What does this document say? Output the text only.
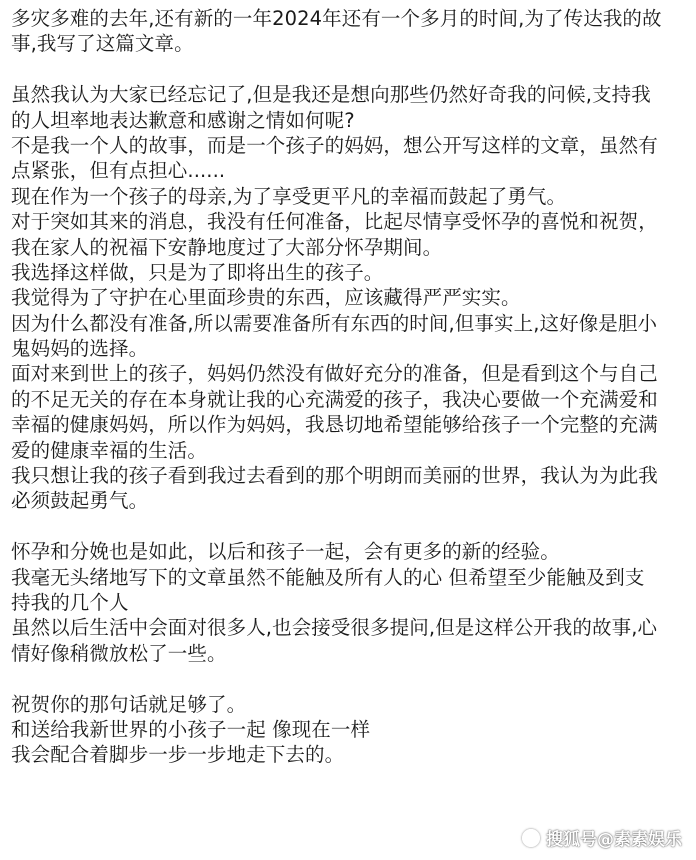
多灾多难的去年,还有新的一年2024年还有一个多月的时间,为了传达我的故
事,我写了这篇文章。
虽然我认为大家已经忘记了,但是我还是想向那些仍然好奇我的问候,支持我
的人坦率地表达歉意和感谢之情如何呢?
不是我一个人的故事，而是一个孩子的妈妈，想公开写这样的文章，虽然有
点紧张，但有点担心......
现在作为一个孩子的母亲,为了享受更平凡的幸福而鼓起了勇气。
对于突如其来的消息，我没有任何准备，比起尽情享受怀孕的喜悦和祝贺，
我在家人的祝福下安静地度过了大部分怀孕期间。
我选择这样做，只是为了即将出生的孩子。
我觉得为了守护在心里面珍贵的东西，应该藏得严严实实。
因为什么都没有准备,所以需要准备所有东西的时间,但事实上,这好像是胆小
鬼妈妈的选择。
面对来到世上的孩子，妈妈仍然没有做好充分的准备，但是看到这个与自己
的不足无关的存在本身就让我的心充满爱的孩子，我决心要做一个充满爱和
幸福的健康妈妈，所以作为妈妈，我恳切地希望能够给孩子一个完整的充满
爱的健康幸福的生活。
我只想让我的孩子看到我过去看到的那个明朗而美丽的世界，我认为为此我
必须鼓起勇气。
怀孕和分娩也是如此，以后和孩子一起，会有更多的新的经验。
我毫无头绪地写下的文章虽然不能触及所有人的心 但希望至少能触及到支
持我的几个人
虽然以后生活中会面对很多人,也会接受很多提问,但是这样公开我的故事,心
情好像稍微放松了一些。
祝贺你的那句话就足够了。
和送给我新世界的小孩子一起 像现在一样
我会配合着脚步一步一步地走下去的。
搜狐号@素素娱乐
